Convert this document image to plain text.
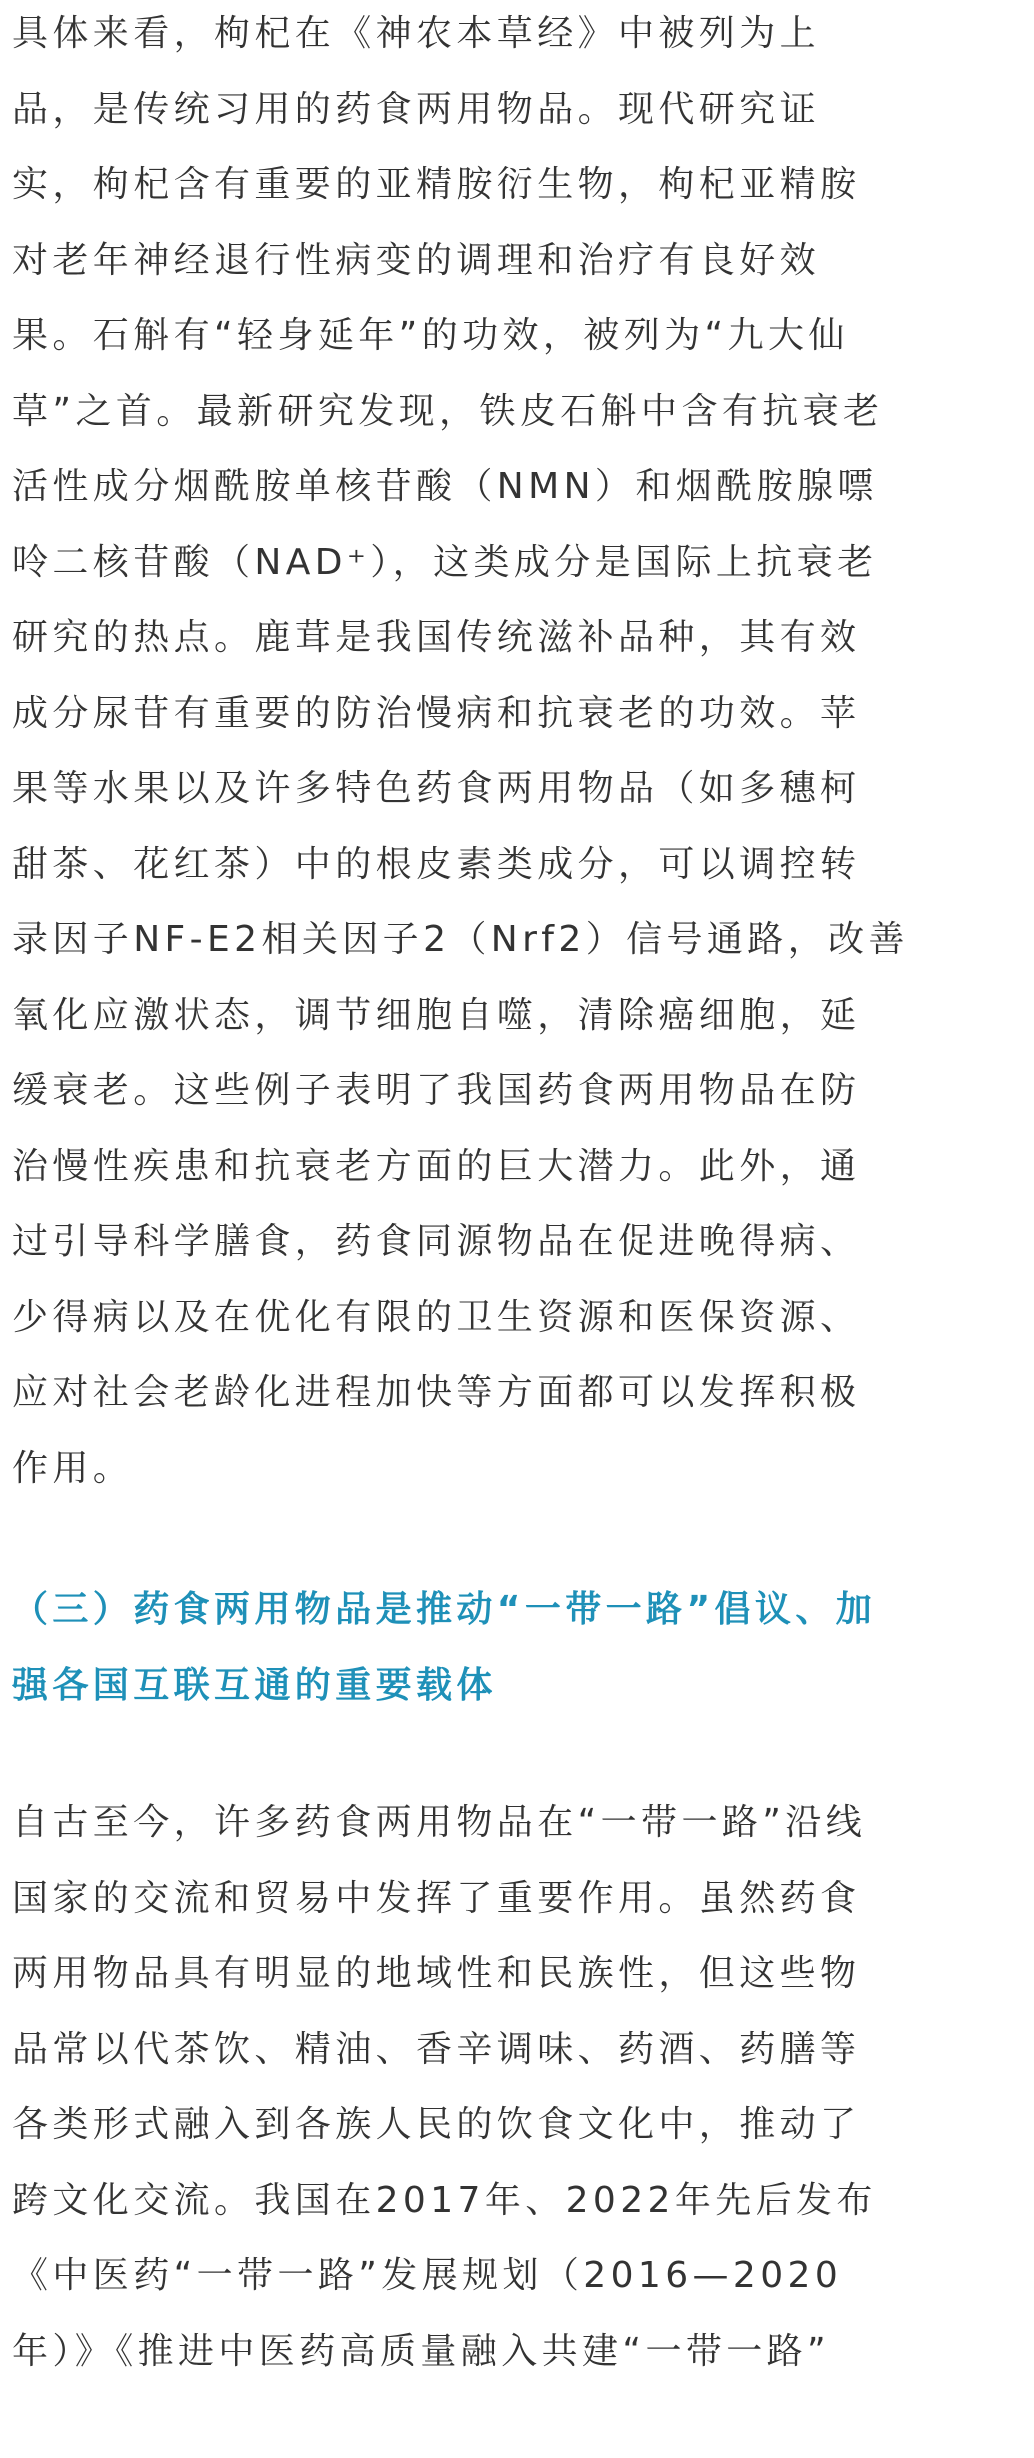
具体来看，枸杞在《神农本草经》中被列为上
品，是传统习用的药食两用物品。现代研究证
实，枸杞含有重要的亚精胺衍生物，枸杞亚精胺
对老年神经退行性病变的调理和治疗有良好效
果。石斛有“轻身延年”的功效，被列为“九大仙
草”之首。最新研究发现，铁皮石斛中含有抗衰老
活性成分烟酰胺单核苷酸（NMN）和烟酰胺腺嘌
呤二核苷酸（NAD⁺），这类成分是国际上抗衰老
研究的热点。鹿茸是我国传统滋补品种，其有效
成分尿苷有重要的防治慢病和抗衰老的功效。苹
果等水果以及许多特色药食两用物品（如多穗柯
甜茶、花红茶）中的根皮素类成分，可以调控转
录因子NF-E2相关因子2（Nrf2）信号通路，改善
氧化应激状态，调节细胞自噬，清除癌细胞，延
缓衰老。这些例子表明了我国药食两用物品在防
治慢性疾患和抗衰老方面的巨大潜力。此外，通
过引导科学膳食，药食同源物品在促进晚得病、
少得病以及在优化有限的卫生资源和医保资源、
应对社会老龄化进程加快等方面都可以发挥积极
作用。

（三）药食两用物品是推动“一带一路”倡议、加
强各国互联互通的重要载体

自古至今，许多药食两用物品在“一带一路”沿线
国家的交流和贸易中发挥了重要作用。虽然药食
两用物品具有明显的地域性和民族性，但这些物
品常以代茶饮、精油、香辛调味、药酒、药膳等
各类形式融入到各族人民的饮食文化中，推动了
跨文化交流。我国在2017年、2022年先后发布
《中医药“一带一路”发展规划（2016—2020
年）》《推进中医药高质量融入共建“一带一路”
